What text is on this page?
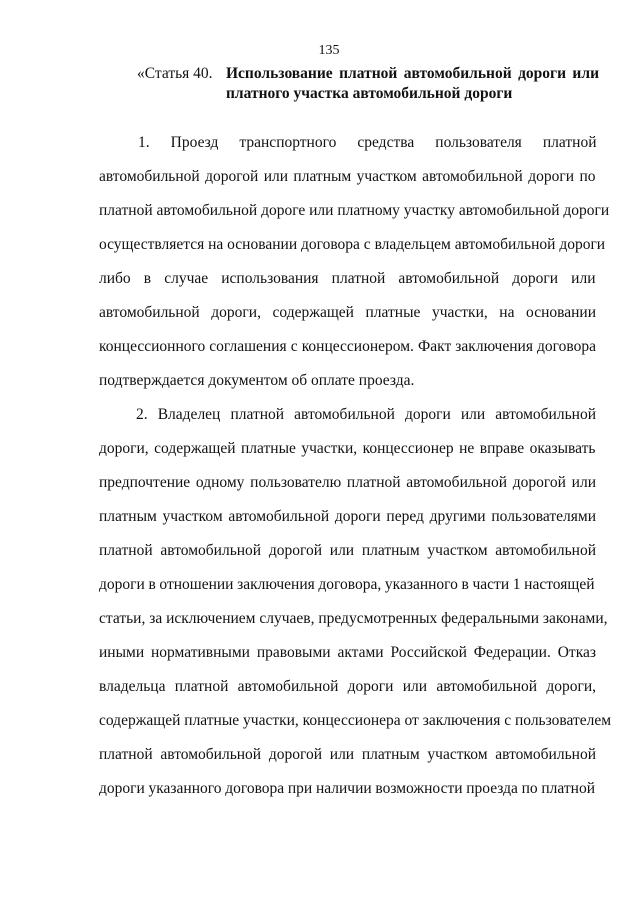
135
«Статья 40. Использование платной автомобильной дороги или платного участка автомобильной дороги
1. Проезд транспортного средства пользователя платной
автомобильной дорогой или платным участком автомобильной дороги по
платной автомобильной дороге или платному участку автомобильной дороги
осуществляется на основании договора с владельцем автомобильной дороги
либо в случае использования платной автомобильной дороги или
автомобильной дороги, содержащей платные участки, на основании
концессионного соглашения с концессионером. Факт заключения договора
подтверждается документом об оплате проезда.
2. Владелец платной автомобильной дороги или автомобильной
дороги, содержащей платные участки, концессионер не вправе оказывать
предпочтение одному пользователю платной автомобильной дорогой или
платным участком автомобильной дороги перед другими пользователями
платной автомобильной дорогой или платным участком автомобильной
дороги в отношении заключения договора, указанного в части 1 настоящей
статьи, за исключением случаев, предусмотренных федеральными законами,
иными нормативными правовыми актами Российской Федерации. Отказ
владельца платной автомобильной дороги или автомобильной дороги,
содержащей платные участки, концессионера от заключения с пользователем
платной автомобильной дорогой или платным участком автомобильной
дороги указанного договора при наличии возможности проезда по платной
